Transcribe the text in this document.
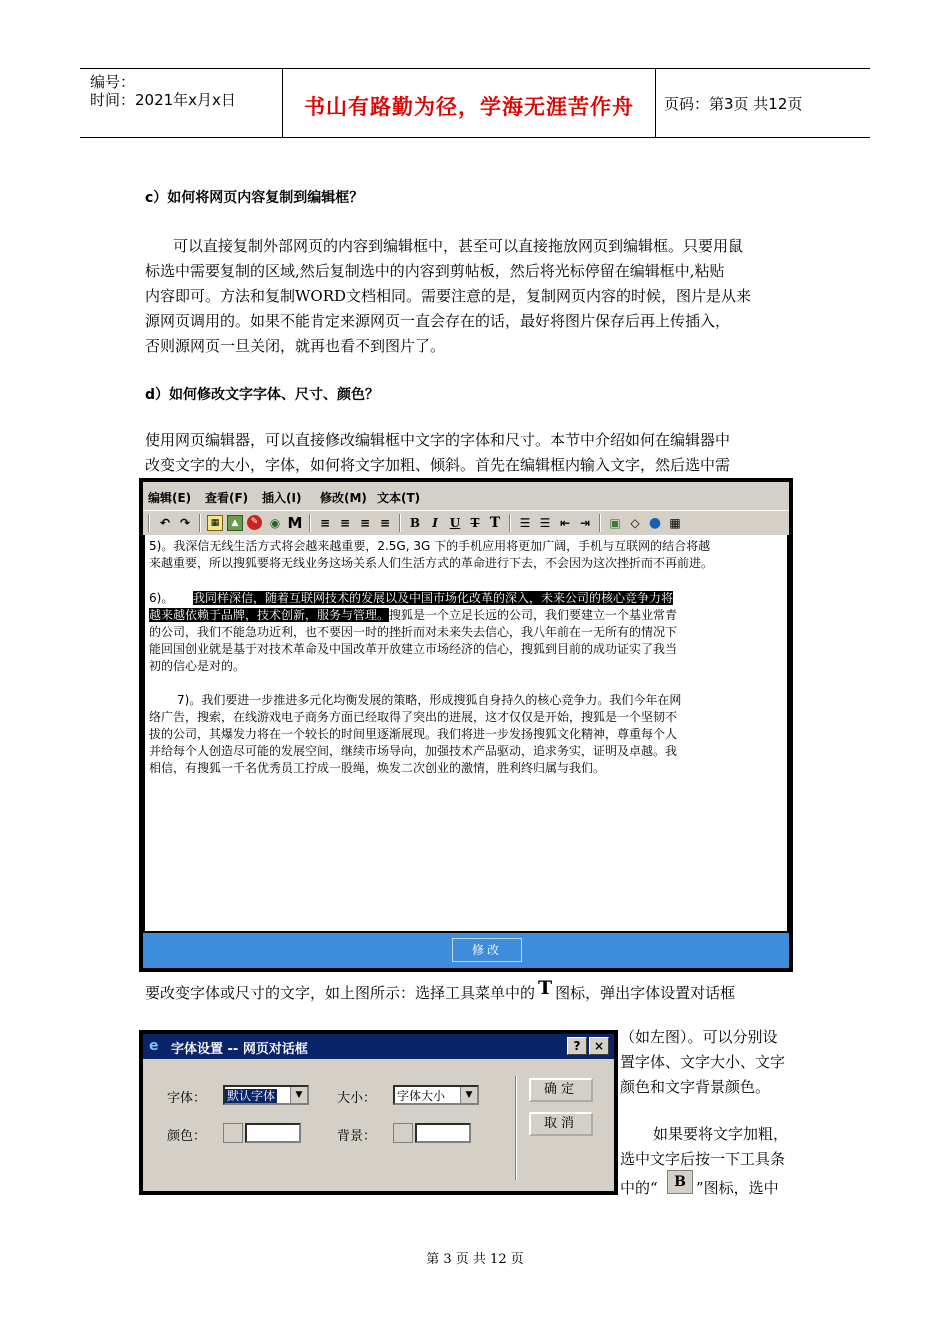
编号：
时间：2021年x月x日	书山有路勤为径，学海无涯苦作舟	页码：第3页 共12页
c）如何将网页内容复制到编辑框？
可以直接复制外部网页的内容到编辑框中，甚至可以直接拖放网页到编辑框。只要用鼠
标选中需要复制的区域,然后复制选中的内容到剪帖板，然后将光标停留在编辑框中,粘贴
内容即可。方法和复制WORD文档相同。需要注意的是，复制网页内容的时候，图片是从来
源网页调用的。如果不能肯定来源网页一直会存在的话，最好将图片保存后再上传插入，
否则源网页一旦关闭，就再也看不到图片了。
d）如何修改文字字体、尺寸、颜色？
使用网页编辑器，可以直接修改编辑框中文字的字体和尺寸。本节中介绍如何在编辑器中
改变文字的大小，字体，如何将文字加粗、倾斜。首先在编辑框内输入文字，然后选中需
编辑(E) 查看(F) 插入(I) 修改(M) 文本(T)
↶ ↷	▦	▲	✎ ◉ M ≡ ≡ ≡ ≡ B	I U T T ☰ ☰ ⇤ ⇥ ▣ ◇ ● ▦
5)。我深信无线生活方式将会越来越重要，2.5G, 3G 下的手机应用将更加广阔，手机与互联网的结合将越
来越重要，所以搜狐要将无线业务这场关系人们生活方式的革命进行下去，不会因为这次挫折而不再前进。
6)。 我同样深信，随着互联网技术的发展以及中国市场化改革的深入，未来公司的核心竞争力将
越来越依赖于品牌，技术创新，服务与管理。搜狐是一个立足长远的公司，我们要建立一个基业常青
的公司，我们不能急功近利，也不要因一时的挫折而对未来失去信心，我八年前在一无所有的情况下
能回国创业就是基于对技术革命及中国改革开放建立市场经济的信心，搜狐到目前的成功证实了我当
初的信心是对的。
7)。我们要进一步推进多元化均衡发展的策略，形成搜狐自身持久的核心竞争力。我们今年在网
络广告，搜索，在线游戏电子商务方面已经取得了突出的进展，这才仅仅是开始，搜狐是一个坚韧不
拔的公司，其爆发力将在一个较长的时间里逐渐展现。我们将进一步发扬搜狐文化精神，尊重每个人
并给每个人创造尽可能的发展空间，继续市场导向，加强技术产品驱动，追求务实，证明及卓越。我
相信，有搜狐一千名优秀员工拧成一股绳，焕发二次创业的激情，胜利终归属与我们。
修改
要改变字体或尺寸的文字，如上图所示：选择工具菜单中的 T 图标，弹出字体设置对话框
e 字体设置 -- 网页对话框	?	×
字体：	默认字体	▼	大小：	字体大小	▼
颜色：	背景：
确定
取消
（如左图）。可以分别设
置字体、文字大小、文字
颜色和文字背景颜色。
如果要将文字加粗，
选中文字后按一下工具条
中的“	B ”图标，选中
第 3 页 共 12 页
